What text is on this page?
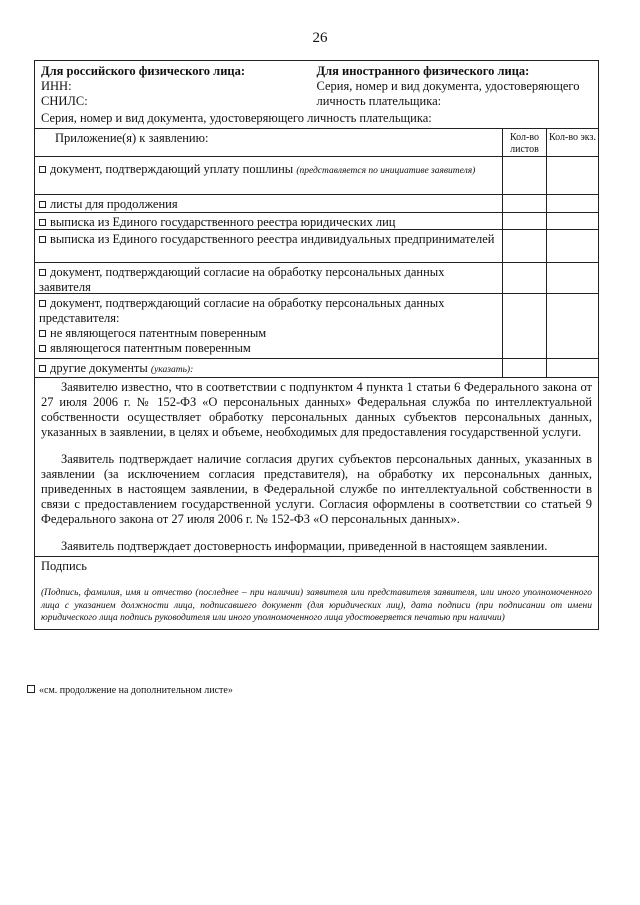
26
Для российского физического лица:
ИНН:
СНИЛС:
Для иностранного физического лица:
Серия, номер и вид документа, удостоверяющего личность плательщика:
Серия, номер и вид документа, удостоверяющего личность плательщика:
Приложение(я) к заявлению:	Кол-во листов
Кол-во экз.
документ, подтверждающий уплату пошлины (представляется по инициативе заявителя)
листы для продолжения
выписка из Единого государственного реестра юридических лиц
выписка из Единого государственного реестра индивидуальных предпринимателей
документ, подтверждающий согласие на обработку персональных данных заявителя
документ, подтверждающий согласие на обработку персональных данных представителя:
не являющегося патентным поверенным
являющегося патентным поверенным
другие документы (указать):

Заявителю известно, что в соответствии с подпунктом 4 пункта 1 статьи 6 Федерального закона от 27 июля 2006 г. № 152-ФЗ «О персональных данных» Федеральная служба по интеллектуальной собственности осуществляет обработку персональных данных субъектов персональных данных, указанных в заявлении, в целях и объеме, необходимых для предоставления государственной услуги.

Заявитель подтверждает наличие согласия других субъектов персональных данных, указанных в заявлении (за исключением согласия представителя), на обработку их персональных данных, приведенных в настоящем заявлении, в Федеральной службе по интеллектуальной собственности в связи с предоставлением государственной услуги. Согласия оформлены в соответствии со статьей 9 Федерального закона от 27 июля 2006 г. № 152-ФЗ «О персональных данных».

Заявитель подтверждает достоверность информации, приведенной в настоящем заявлении.

Подпись
(Подпись, фамилия, имя и отчество (последнее – при наличии) заявителя или представителя заявителя, или иного уполномоченного лица с указанием должности лица, подписавшего документ (для юридических лиц), дата подписи (при подписании от имени юридического лица подпись руководителя или иного уполномоченного лица удостоверяется печатью при наличии)
«см. продолжение на дополнительном листе»
